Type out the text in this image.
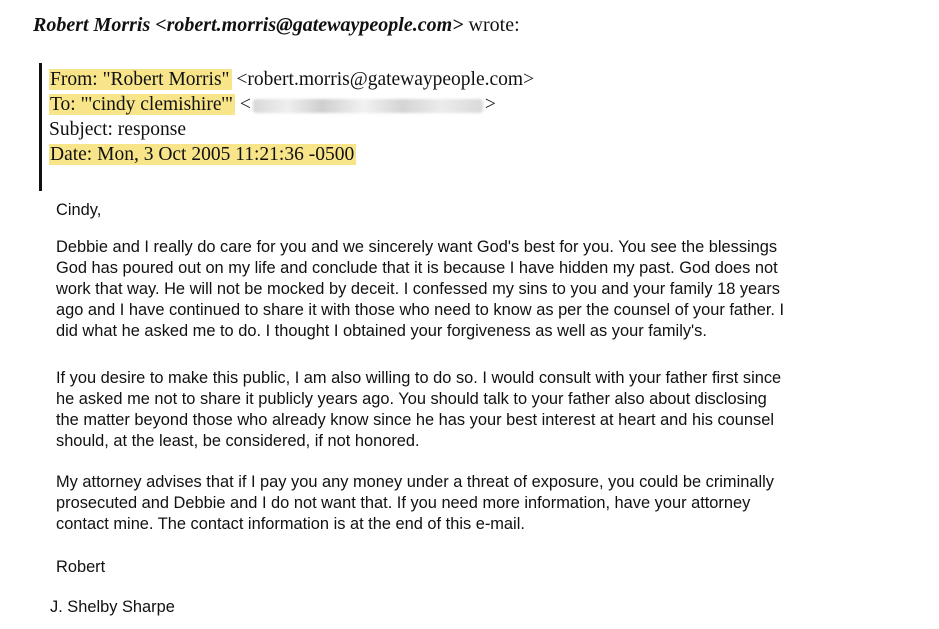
Robert Morris <robert.morris@gatewaypeople.com> wrote:
From: "Robert Morris" <robert.morris@gatewaypeople.com>
To: "'cindy clemishire'" <	>
Subject: response
Date: Mon, 3 Oct 2005 11:21:36 -0500
Cindy,
Debbie and I really do care for you and we sincerely want God's best for you. You see the blessings
God has poured out on my life and conclude that it is because I have hidden my past. God does not
work that way. He will not be mocked by deceit. I confessed my sins to you and your family 18 years
ago and I have continued to share it with those who need to know as per the counsel of your father. I
did what he asked me to do. I thought I obtained your forgiveness as well as your family's.
If you desire to make this public, I am also willing to do so. I would consult with your father first since
he asked me not to share it publicly years ago. You should talk to your father also about disclosing
the matter beyond those who already know since he has your best interest at heart and his counsel
should, at the least, be considered, if not honored.
My attorney advises that if I pay you any money under a threat of exposure, you could be criminally
prosecuted and Debbie and I do not want that. If you need more information, have your attorney
contact mine. The contact information is at the end of this e-mail.
Robert
J. Shelby Sharpe
